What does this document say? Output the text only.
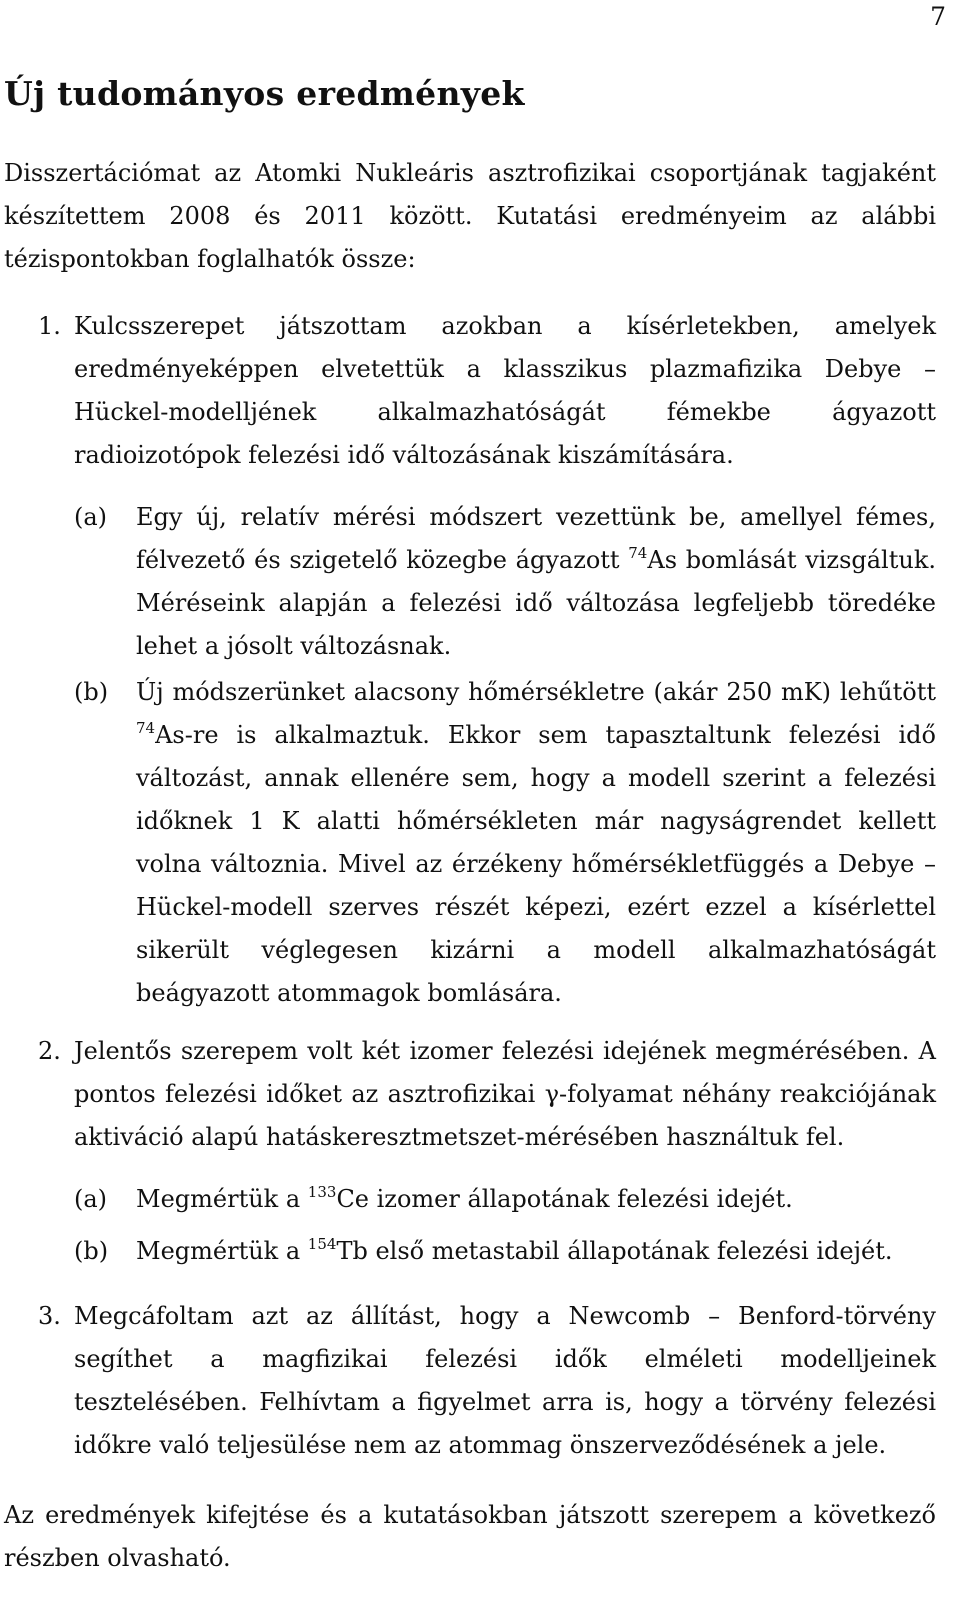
7
Új tudományos eredmények

Disszertációmat az Atomki Nukleáris asztrofizikai csoportjának tagjaként készítettem 2008 és 2011 között. Kutatási eredményeim az alábbi tézispontokban foglalhatók össze:

1. Kulcsszerepet játszottam azokban a kísérletekben, amelyek eredményeképpen elvetettük a klasszikus plazmafizika Debye – Hückel-modelljének alkalmazhatóságát fémekbe ágyazott radioizotópok felezési idő változásának kiszámítására.
(a) Egy új, relatív mérési módszert vezettünk be, amellyel fémes, félvezető és szigetelő közegbe ágyazott $^{74}$As bomlását vizsgáltuk. Méréseink alapján a felezési idő változása legfeljebb töredéke lehet a jósolt változásnak.
(b) Új módszerünket alacsony hőmérsékletre (akár 250 mK) lehűtött $^{74}$As-re is alkalmaztuk. Ekkor sem tapasztaltunk felezési idő változást, annak ellenére sem, hogy a modell szerint a felezési időknek 1 K alatti hőmérsékleten már nagyságrendet kellett volna változnia. Mivel az érzékeny hőmérsékletfüggés a Debye – Hückel-modell szerves részét képezi, ezért ezzel a kísérlettel sikerült véglegesen kizárni a modell alkalmazhatóságát beágyazott atommagok bomlására.
2. Jelentős szerepem volt két izomer felezési idejének megmérésében. A pontos felezési időket az asztrofizikai γ-folyamat néhány reakciójának aktiváció alapú hatáskeresztmetszet-mérésében használtuk fel.
(a) Megmértük a $^{133}$Ce izomer állapotának felezési idejét.
(b) Megmértük a $^{154}$Tb első metastabil állapotának felezési idejét.
3. Megcáfoltam azt az állítást, hogy a Newcomb – Benford-törvény segíthet a magfizikai felezési idők elméleti modelljeinek tesztelésében. Felhívtam a figyelmet arra is, hogy a törvény felezési időkre való teljesülése nem az atommag önszerveződésének a jele.

Az eredmények kifejtése és a kutatásokban játszott szerepem a következő részben olvasható.
